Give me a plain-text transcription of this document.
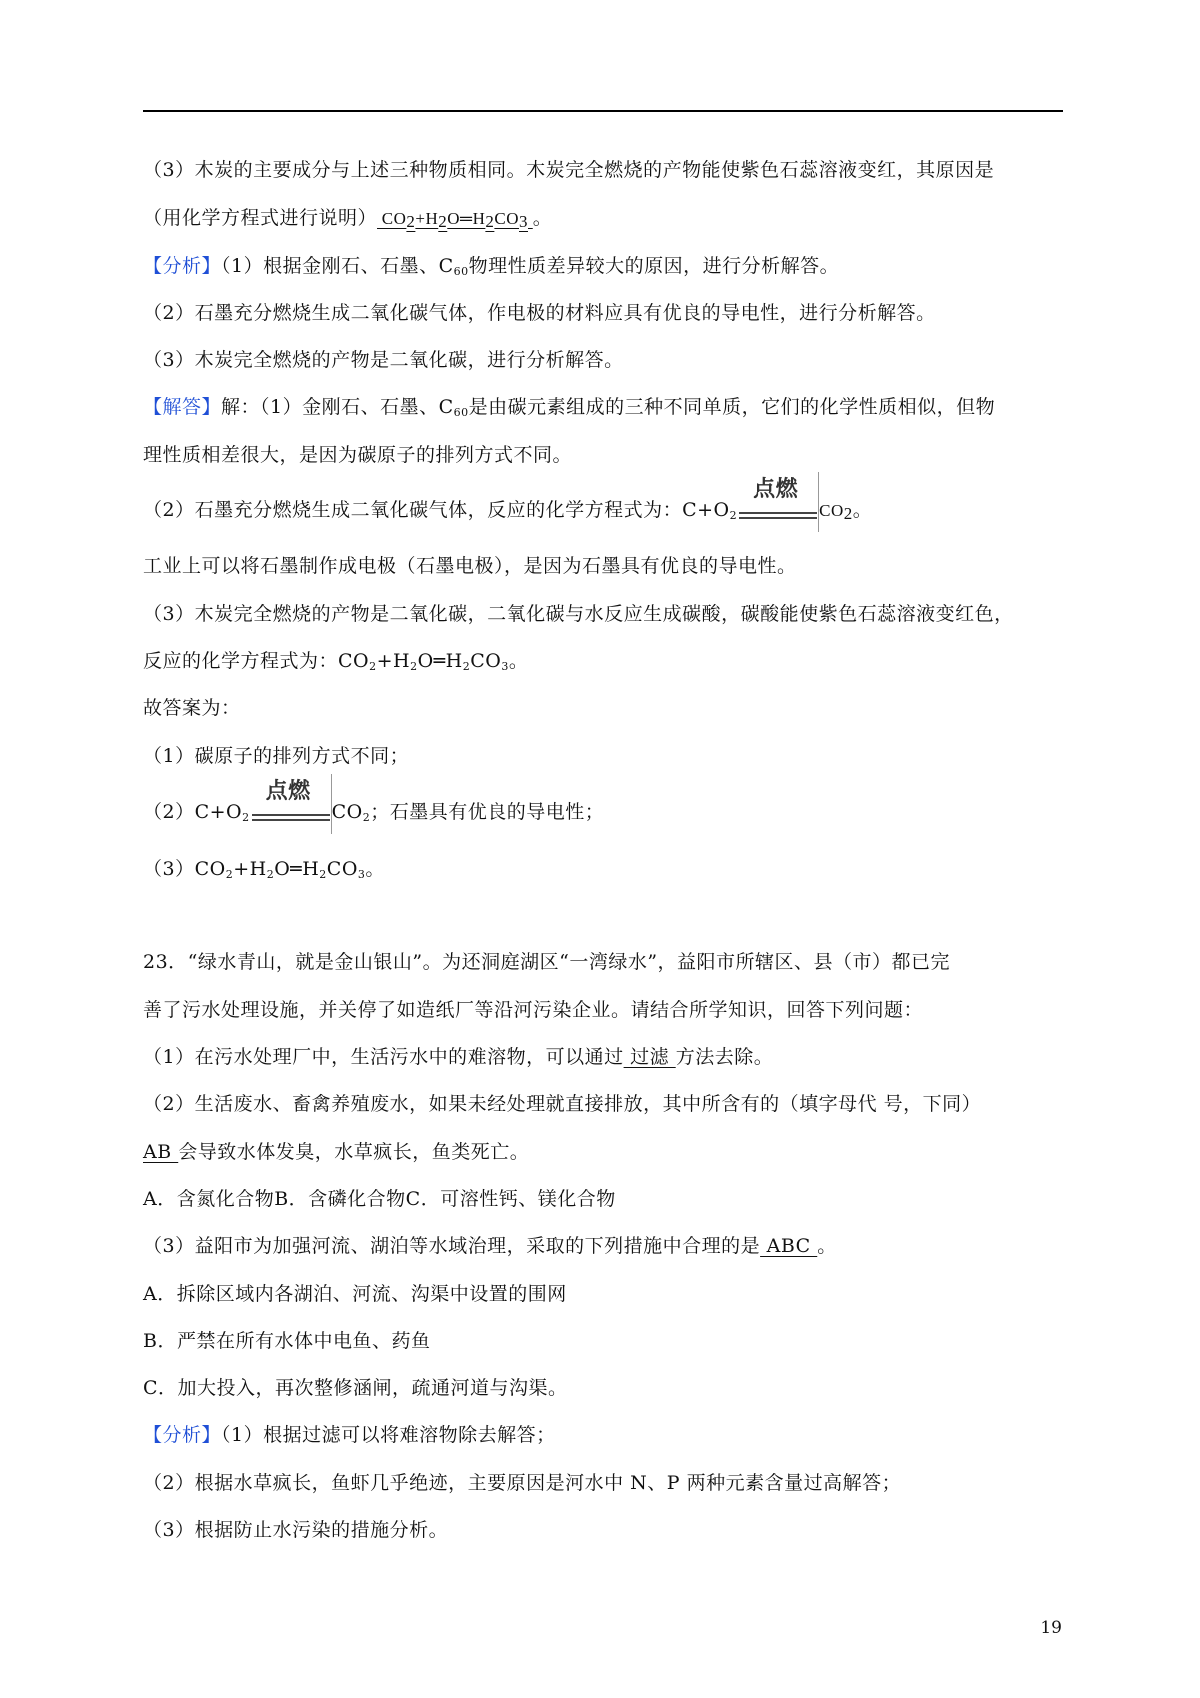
（3）木炭的主要成分与上述三种物质相同。木炭完全燃烧的产物能使紫色石蕊溶液变红，其原因是
（用化学方程式进行说明） $CO_2+H_2O═H_2CO_3$ 。
【分析】（1）根据金刚石、石墨、$C_{60}$物理性质差异较大的原因，进行分析解答。
（2）石墨充分燃烧生成二氧化碳气体，作电极的材料应具有优良的导电性，进行分析解答。
（3）木炭完全燃烧的产物是二氧化碳，进行分析解答。
【解答】解：（1）金刚石、石墨、$C_{60}$是由碳元素组成的三种不同单质，它们的化学性质相似，但物
理性质相差很大，是因为碳原子的排列方式不同。
（2）石墨充分燃烧生成二氧化碳气体，反应的化学方程式为：$C+O_2$
点燃
$CO_2$。
工业上可以将石墨制作成电极（石墨电极），是因为石墨具有优良的导电性。
（3）木炭完全燃烧的产物是二氧化碳，二氧化碳与水反应生成碳酸，碳酸能使紫色石蕊溶液变红色，
反应的化学方程式为：$CO_2+H_2O═H_2CO_3$。
故答案为：
（1）碳原子的排列方式不同；
$(2)C+O_2$
点燃
$CO_2$；石墨具有优良的导电性；
$(3)CO_2+H_2O═H_2CO_3$。
23．“绿水青山，就是金山银山”。为还洞庭湖区“一湾绿水”，益阳市所辖区、县（市）都已完
善了污水处理设施，并关停了如造纸厂等沿河污染企业。请结合所学知识，回答下列问题：
（1）在污水处理厂中，生活污水中的难溶物，可以通过 过滤 方法去除。
（2）生活废水、畜禽养殖废水，如果未经处理就直接排放，其中所含有的（填字母代 号，下同）
AB 会导致水体发臭，水草疯长，鱼类死亡。
A．含氮化合物B．含磷化合物C．可溶性钙、镁化合物
（3）益阳市为加强河流、湖泊等水域治理，采取的下列措施中合理的是 ABC 。
A．拆除区域内各湖泊、河流、沟渠中设置的围网
B．严禁在所有水体中电鱼、药鱼
C．加大投入，再次整修涵闸，疏通河道与沟渠。
【分析】（1）根据过滤可以将难溶物除去解答；
（2）根据水草疯长，鱼虾几乎绝迹，主要原因是河水中 N、P 两种元素含量过高解答；
（3）根据防止水污染的措施分析。
19
